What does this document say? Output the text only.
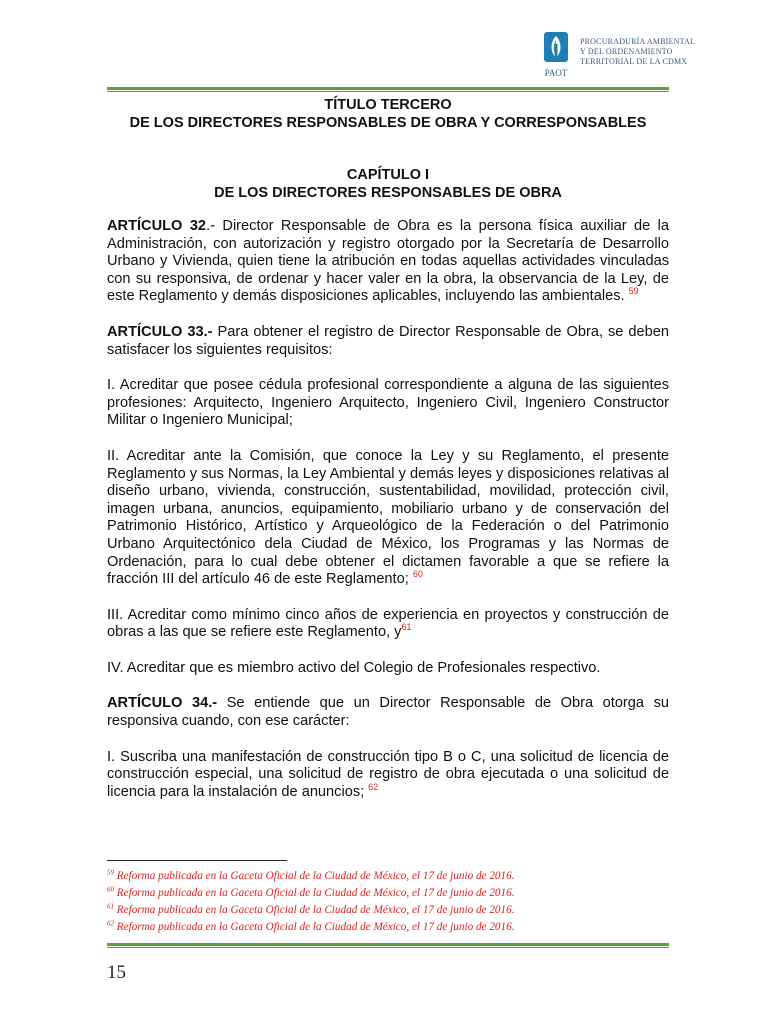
PAOT
PROCURADURÍA AMBIENTAL
Y DEL ORDENAMIENTO
TERRITORIAL DE LA CDMX

TÍTULO TERCERO

DE LOS DIRECTORES RESPONSABLES DE OBRA Y CORRESPONSABLES

CAPÍTULO I

DE LOS DIRECTORES RESPONSABLES DE OBRA

ARTÍCULO 32.- Director Responsable de Obra es la persona física auxiliar de la Administración, con autorización y registro otorgado por la Secretaría de Desarrollo Urbano y Vivienda, quien tiene la atribución en todas aquellas actividades vinculadas con su responsiva, de ordenar y hacer valer en la obra, la observancia de la Ley, de este Reglamento y demás disposiciones aplicables, incluyendo las ambientales. $^{59}$

ARTÍCULO 33.- Para obtener el registro de Director Responsable de Obra, se deben satisfacer los siguientes requisitos:

I. Acreditar que posee cédula profesional correspondiente a alguna de las siguientes profesiones: Arquitecto, Ingeniero Arquitecto, Ingeniero Civil, Ingeniero Constructor Militar o Ingeniero Municipal;

II. Acreditar ante la Comisión, que conoce la Ley y su Reglamento, el presente Reglamento y sus Normas, la Ley Ambiental y demás leyes y disposiciones relativas al diseño urbano, vivienda, construcción, sustentabilidad, movilidad, protección civil, imagen urbana, anuncios, equipamiento, mobiliario urbano y de conservación del Patrimonio Histórico, Artístico y Arqueológico de la Federación o del Patrimonio Urbano Arquitectónico dela Ciudad de México, los Programas y las Normas de Ordenación, para lo cual debe obtener el dictamen favorable a que se refiere la fracción III del artículo 46 de este Reglamento; $^{60}$

III. Acreditar como mínimo cinco años de experiencia en proyectos y construcción de obras a las que se refiere este Reglamento, $y^{61}$

IV. Acreditar que es miembro activo del Colegio de Profesionales respectivo.

ARTÍCULO 34.- Se entiende que un Director Responsable de Obra otorga su responsiva cuando, con ese carácter:

I. Suscriba una manifestación de construcción tipo B o C, una solicitud de licencia de construcción especial, una solicitud de registro de obra ejecutada o una solicitud de licencia para la instalación de anuncios; $^{62}$

$^{59}$ Reforma publicada en la Gaceta Oficial de la Ciudad de México, el 17 de junio de 2016.

$^{60}$ Reforma publicada en la Gaceta Oficial de la Ciudad de México, el 17 de junio de 2016.

$^{61}$ Reforma publicada en la Gaceta Oficial de la Ciudad de México, el 17 de junio de 2016.

$^{62}$ Reforma publicada en la Gaceta Oficial de la Ciudad de México, el 17 de junio de 2016.

15
